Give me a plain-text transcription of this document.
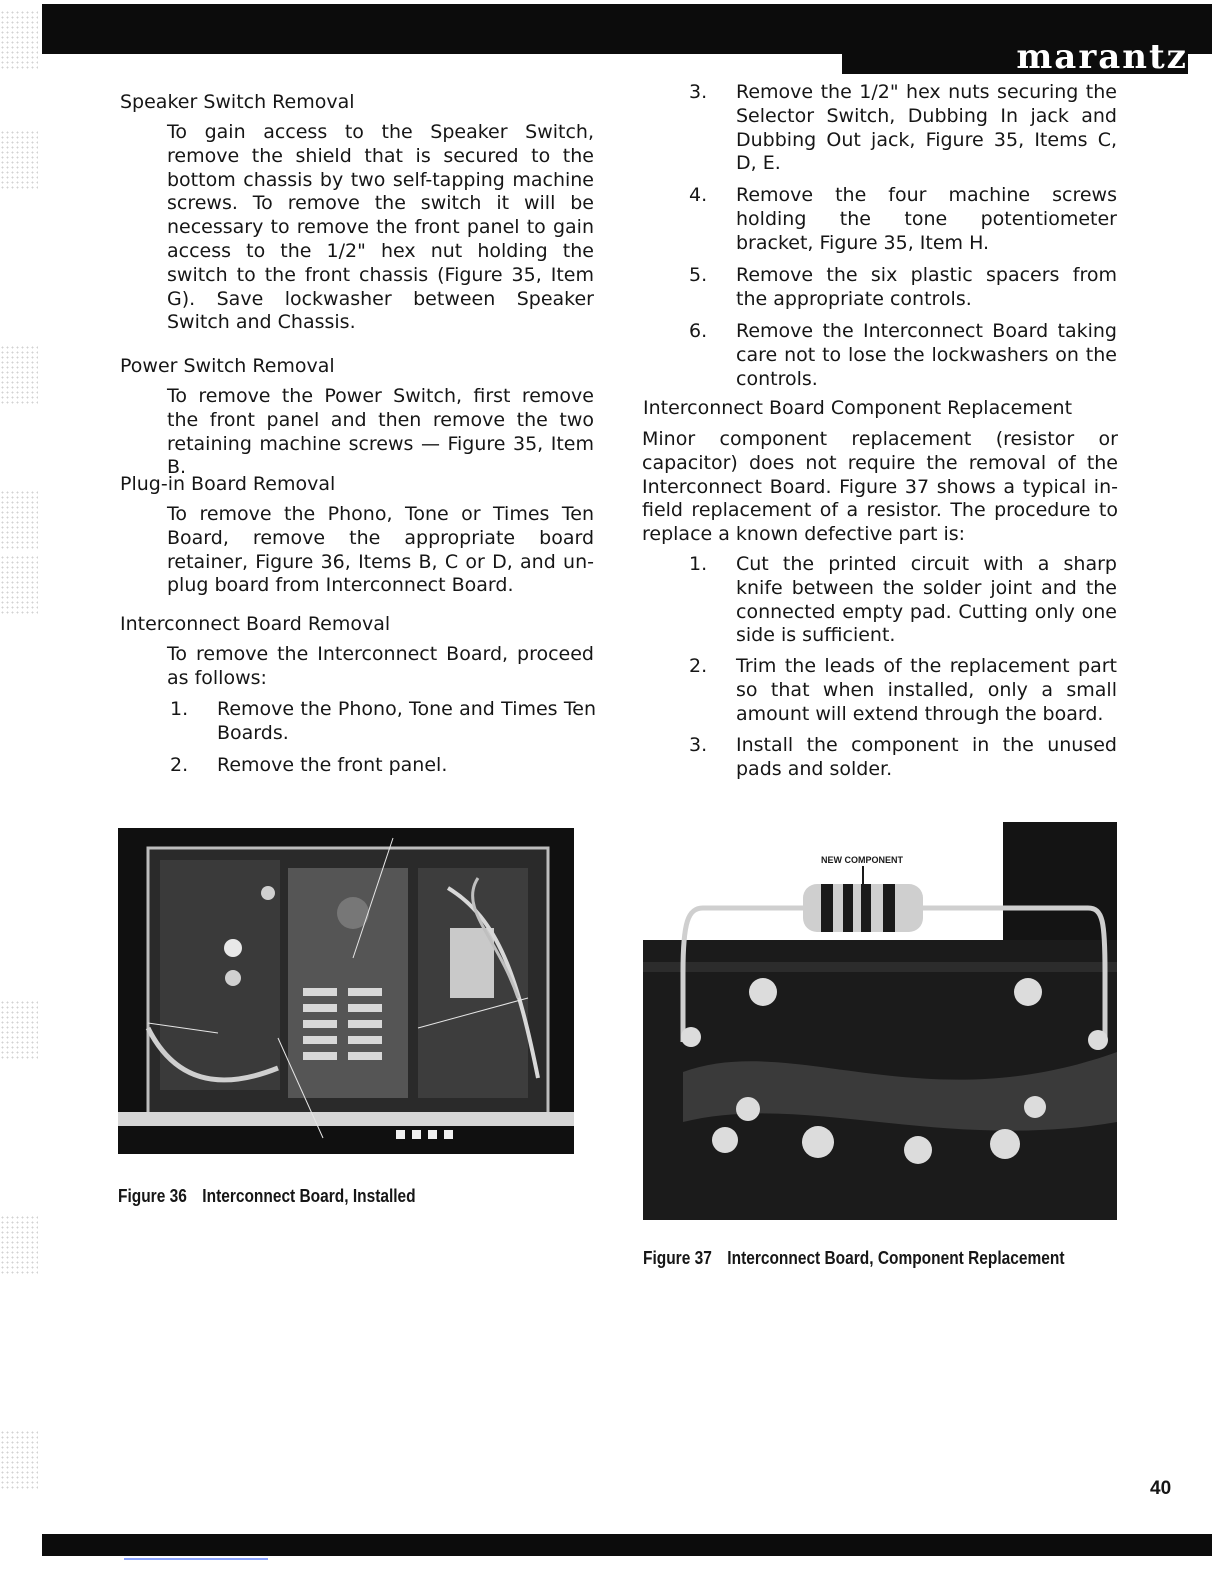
marantz
Speaker Switch Removal
To gain access to the Speaker Switch, remove the shield that is secured to the bottom chassis by two self-tapping machine screws. To remove the switch it will be necessary to remove the front panel to gain access to the 1/2" hex nut holding the switch to the front chassis (Figure 35, Item G). Save lockwasher between Speaker Switch and Chassis.
Power Switch Removal
To remove the Power Switch, first remove the front panel and then remove the two retaining machine screws — Figure 35, Item B.
Plug-in Board Removal
To remove the Phono, Tone or Times Ten Board, remove the appropriate board retainer, Figure 36, Items B, C or D, and un-plug board from Interconnect Board.
Interconnect Board Removal
To remove the Interconnect Board, proceed as follows:
1. Remove the Phono, Tone and Times Ten Boards.
2. Remove the front panel.
3. Remove the 1/2" hex nuts securing the Selector Switch, Dubbing In jack and Dubbing Out jack, Figure 35, Items C, D, E.
4. Remove the four machine screws holding the tone potentiometer bracket, Figure 35, Item H.
5. Remove the six plastic spacers from the appropriate controls.
6. Remove the Interconnect Board taking care not to lose the lockwashers on the controls.
Interconnect Board Component Replacement
Minor component replacement (resistor or capacitor) does not require the removal of the Interconnect Board. Figure 37 shows a typical in-field replacement of a resistor. The procedure to replace a known defective part is:
1. Cut the printed circuit with a sharp knife between the solder joint and the connected empty pad. Cutting only one side is sufficient.
2. Trim the leads of the replacement part so that when installed, only a small amount will extend through the board.
3. Install the component in the unused pads and solder.
Figure 36 Interconnect Board, Installed
NEW COMPONENT
Figure 37 Interconnect Board, Component Replacement
40
